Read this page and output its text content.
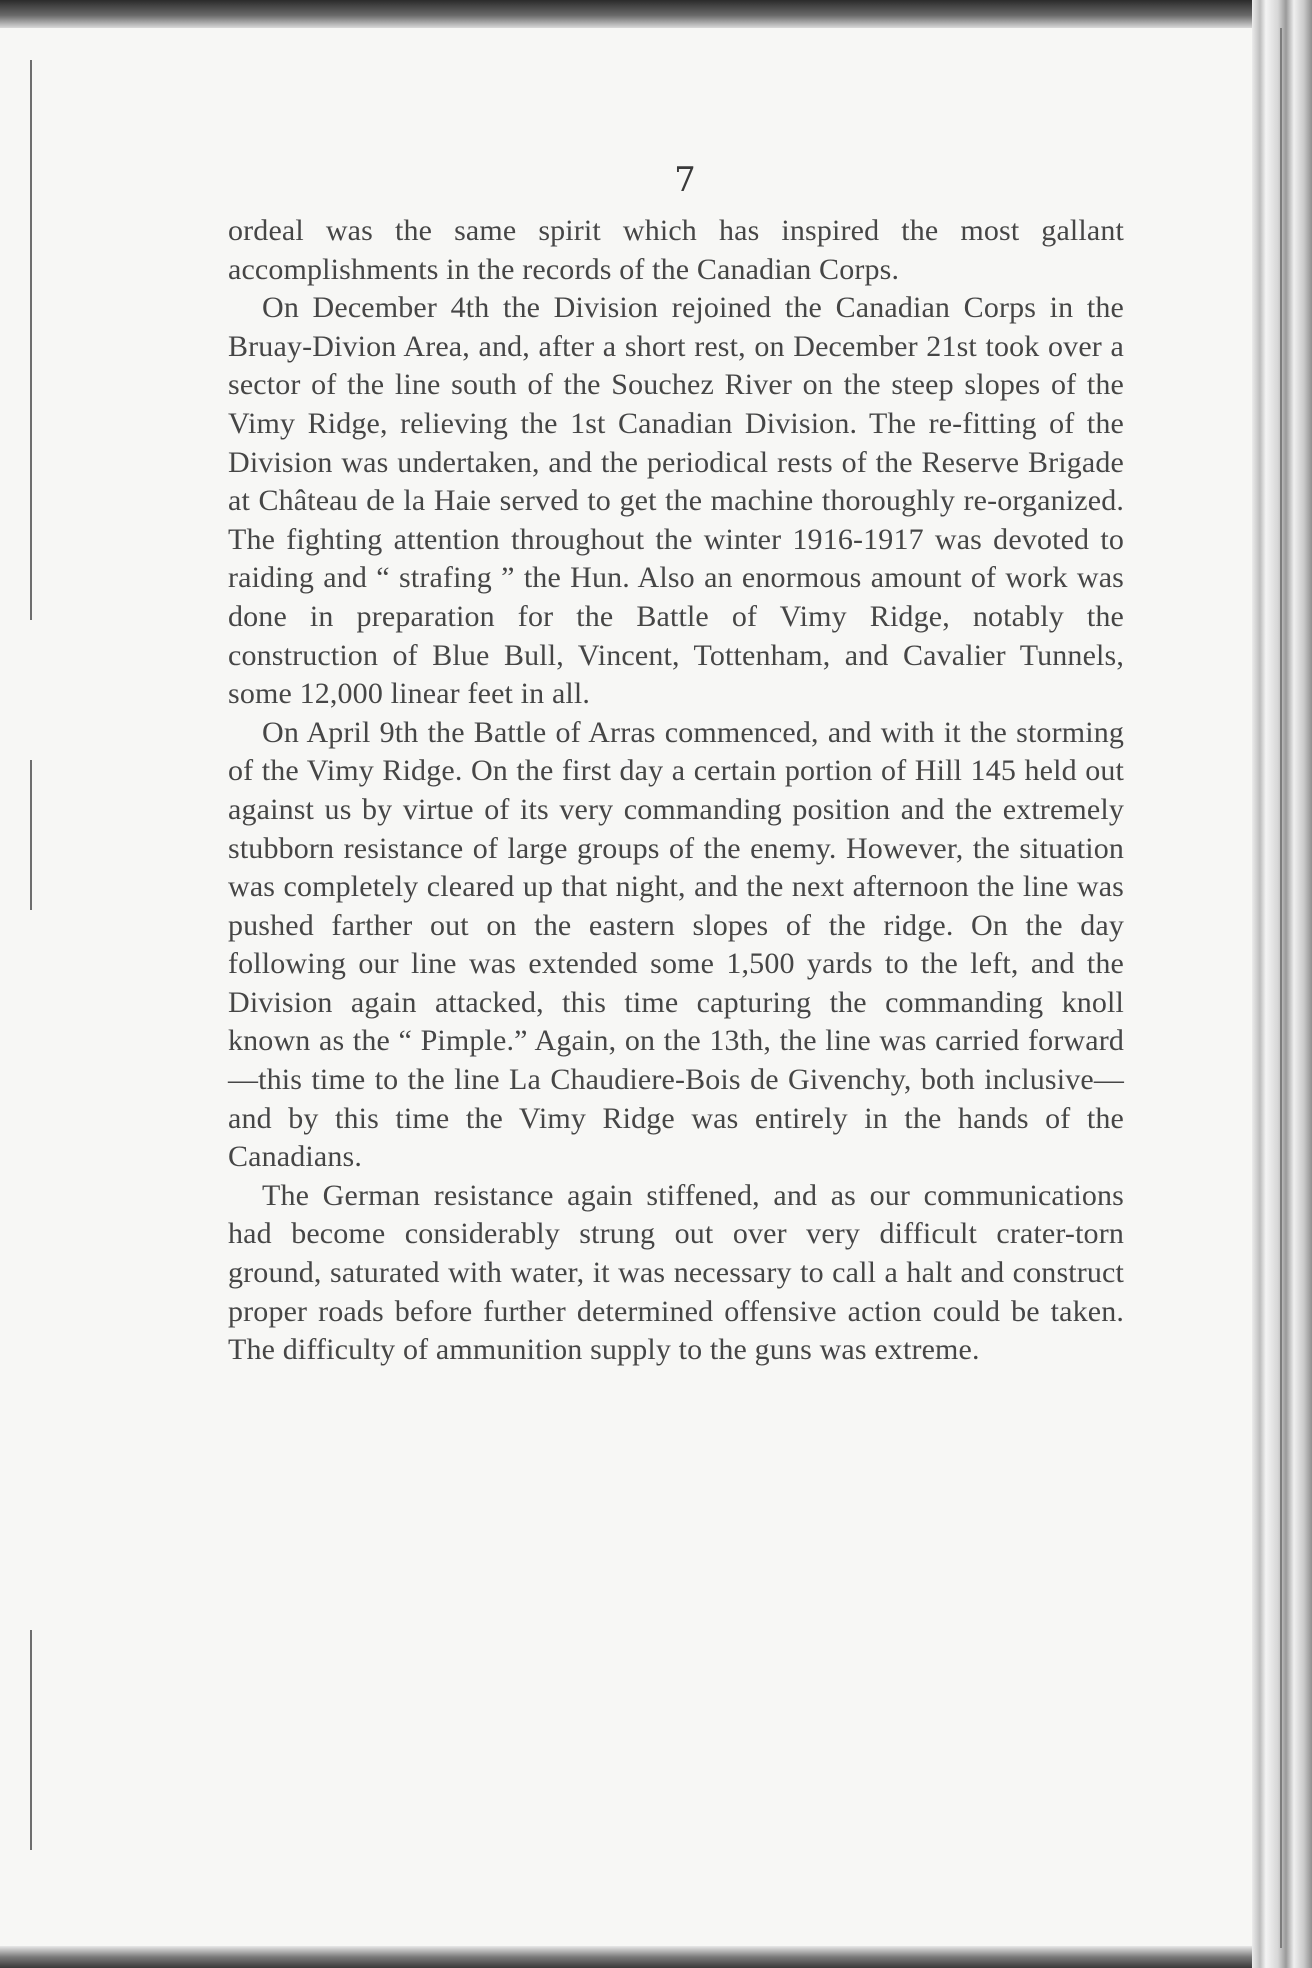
7

ordeal was the same spirit which has inspired the most gallant accomplishments in the records of the Canadian Corps.

On December 4th the Division rejoined the Canadian Corps in the Bruay-Divion Area, and, after a short rest, on December 21st took over a sector of the line south of the Souchez River on the steep slopes of the Vimy Ridge, relieving the 1st Canadian Division. The re-fitting of the Division was undertaken, and the periodical rests of the Reserve Brigade at Château de la Haie served to get the machine thoroughly re-organized. The fighting attention throughout the winter 1916-1917 was devoted to raiding and “ strafing ” the Hun. Also an enormous amount of work was done in preparation for the Battle of Vimy Ridge, notably the construction of Blue Bull, Vincent, Tottenham, and Cavalier Tunnels, some 12,000 linear feet in all.

On April 9th the Battle of Arras commenced, and with it the storming of the Vimy Ridge. On the first day a certain portion of Hill 145 held out against us by virtue of its very commanding position and the extremely stubborn resistance of large groups of the enemy. However, the situation was completely cleared up that night, and the next afternoon the line was pushed farther out on the eastern slopes of the ridge. On the day following our line was extended some 1,500 yards to the left, and the Division again attacked, this time capturing the commanding knoll known as the “ Pimple.” Again, on the 13th, the line was carried forward—this time to the line La Chaudiere-Bois de Givenchy, both inclusive—and by this time the Vimy Ridge was entirely in the hands of the Canadians.

The German resistance again stiffened, and as our communications had become considerably strung out over very difficult crater-torn ground, saturated with water, it was necessary to call a halt and construct proper roads before further determined offensive action could be taken. The difficulty of ammunition supply to the guns was extreme.
